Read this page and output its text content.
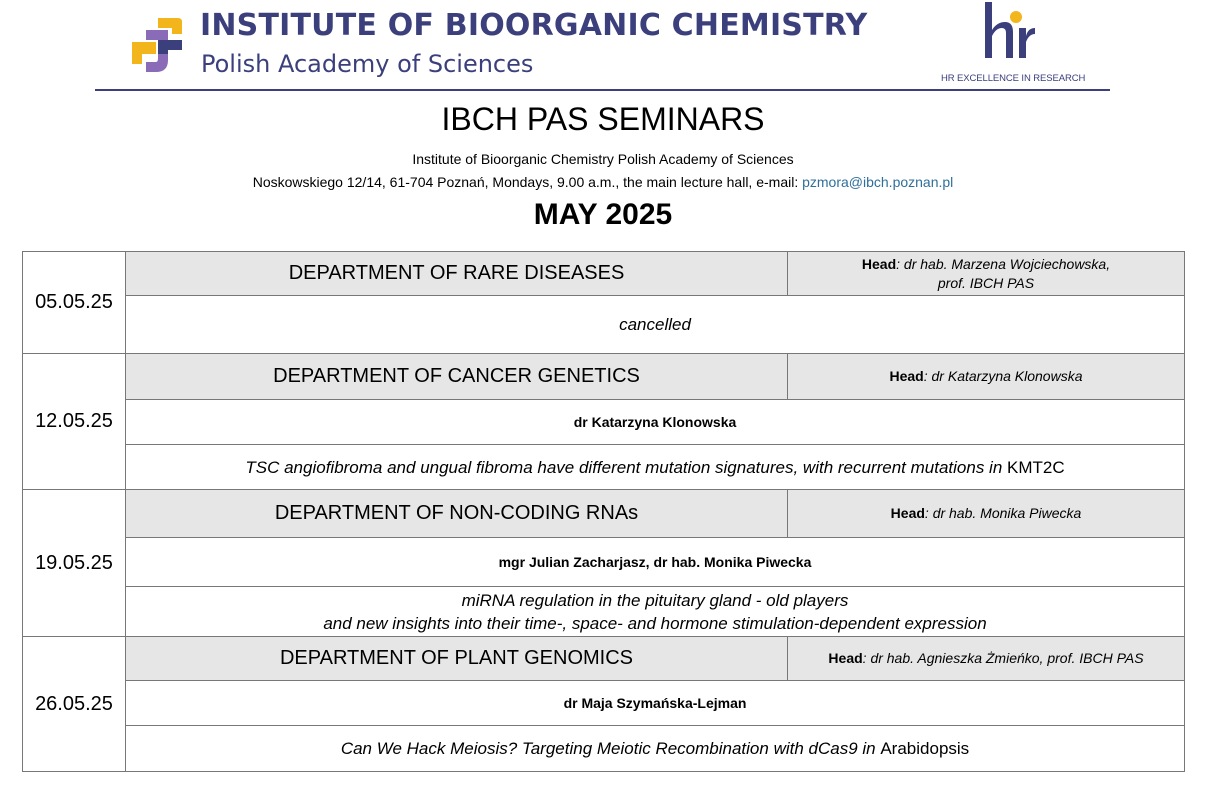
INSTITUTE OF BIOORGANIC CHEMISTRY
Polish Academy of Sciences
HR EXCELLENCE IN RESEARCH
IBCH PAS SEMINARS
Institute of Bioorganic Chemistry Polish Academy of Sciences
Noskowskiego 12/14, 61-704 Poznań, Mondays, 9.00 a.m., the main lecture hall, e-mail: pzmora@ibch.poznan.pl
MAY 2025
05.05.25	DEPARTMENT OF RARE DISEASES	Head: dr hab. Marzena Wojciechowska,
prof. IBCH PAS
	cancelled	
12.05.25	DEPARTMENT OF CANCER GENETICS	Head: dr Katarzyna Klonowska
	dr Katarzyna Klonowska	
	TSC angiofibroma and ungual fibroma have different mutation signatures, with recurrent mutations in KMT2C	
19.05.25	DEPARTMENT OF NON-CODING RNAs	Head: dr hab. Monika Piwecka
	mgr Julian Zacharjasz, dr hab. Monika Piwecka	
	miRNA regulation in the pituitary gland - old players
and new insights into their time-, space- and hormone stimulation-dependent expression	
26.05.25	DEPARTMENT OF PLANT GENOMICS	Head: dr hab. Agnieszka Żmieńko, prof. IBCH PAS
	dr Maja Szymańska-Lejman	
	Can We Hack Meiosis? Targeting Meiotic Recombination with dCas9 in Arabidopsis	
